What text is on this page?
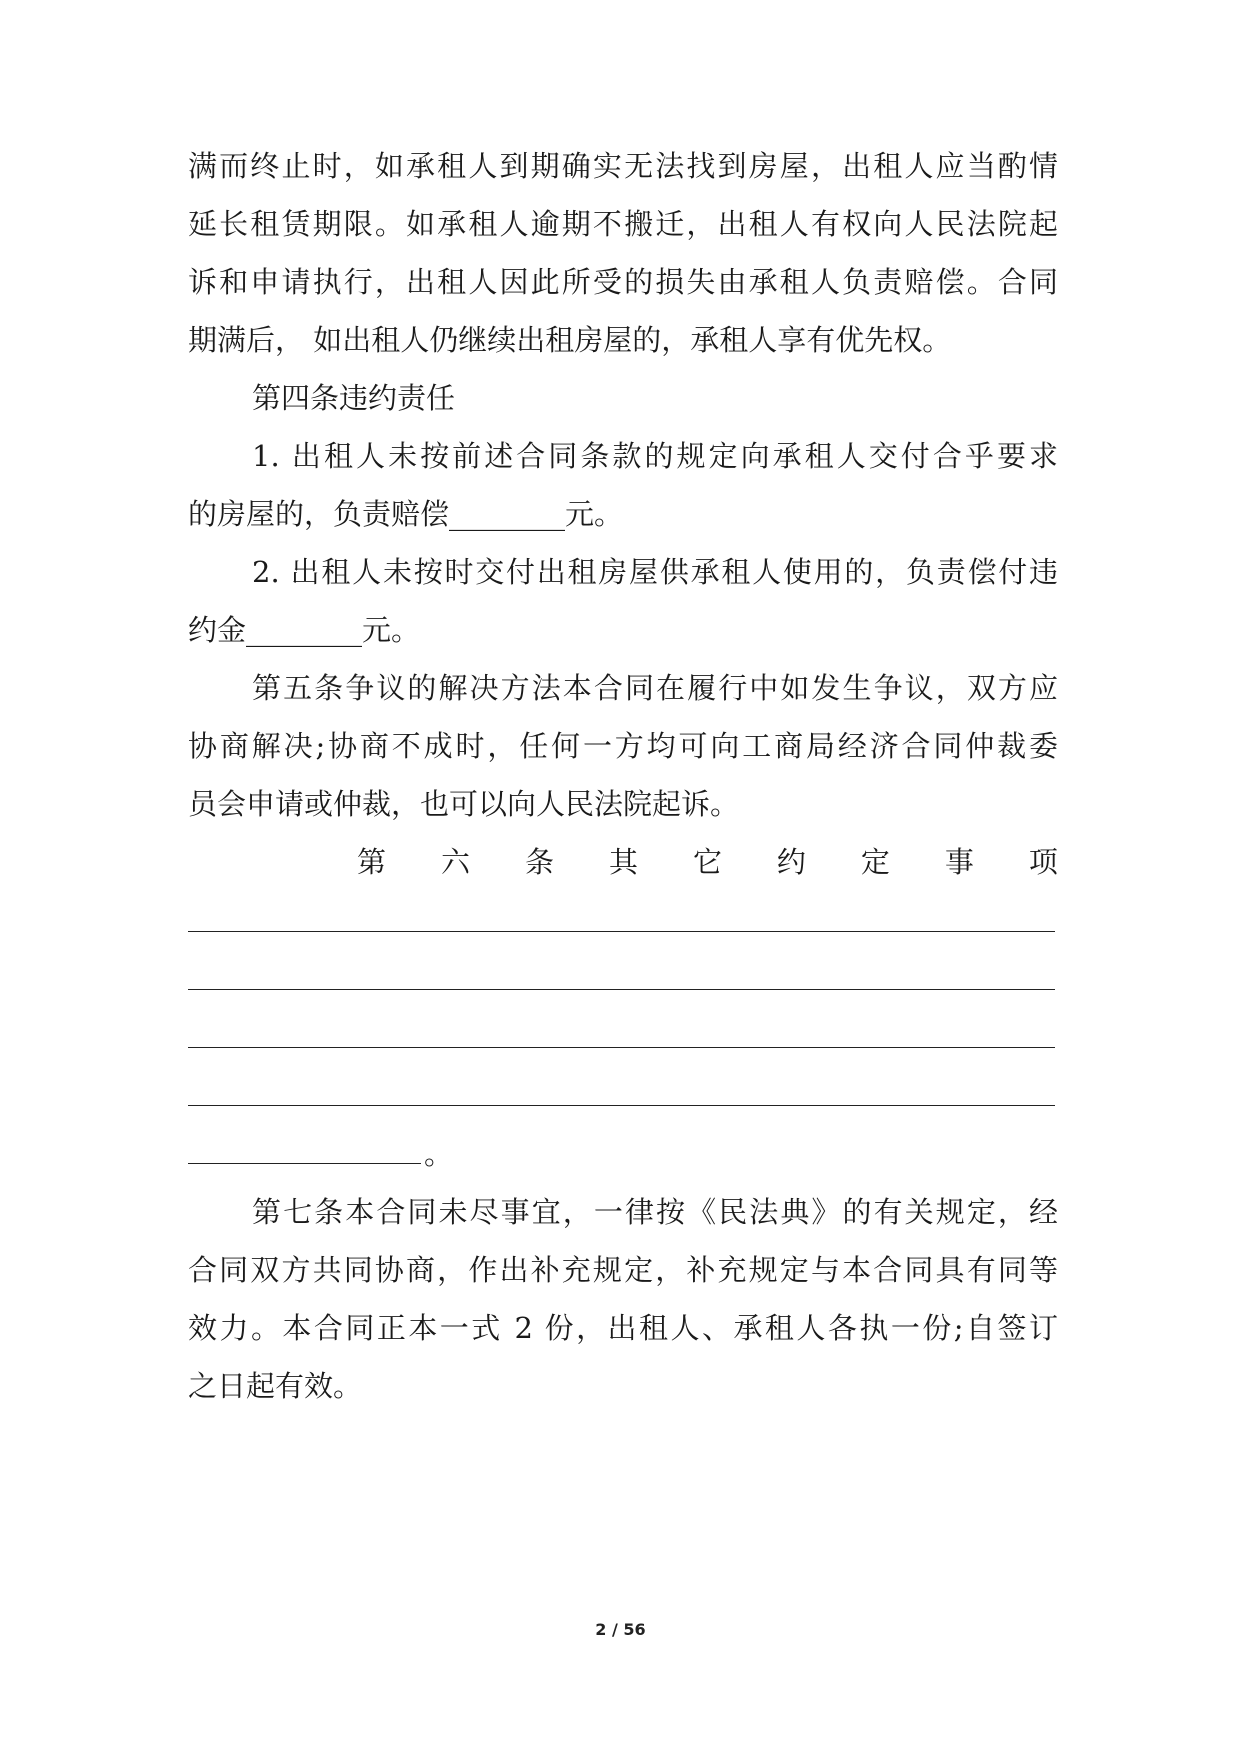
满而终止时，如承租人到期确实无法找到房屋，出租人应当酌情
延长租赁期限。如承租人逾期不搬迁，出租人有权向人民法院起
诉和申请执行，出租人因此所受的损失由承租人负责赔偿。合同
期满后， 如出租人仍继续出租房屋的，承租人享有优先权。
第四条违约责任
1. 出租人未按前述合同条款的规定向承租人交付合乎要求
的房屋的，负责赔偿________元。
2. 出租人未按时交付出租房屋供承租人使用的，负责偿付违
约金________元。
第五条争议的解决方法本合同在履行中如发生争议，双方应
协商解决;协商不成时，任何一方均可向工商局经济合同仲裁委
员会申请或仲裁，也可以向人民法院起诉。
第 六 条 其 它 约 定 事 项
。
第七条本合同未尽事宜，一律按《民法典》的有关规定，经
合同双方共同协商，作出补充规定，补充规定与本合同具有同等
效力。本合同正本一式 2 份，出租人、承租人各执一份;自签订
之日起有效。
2 / 56
